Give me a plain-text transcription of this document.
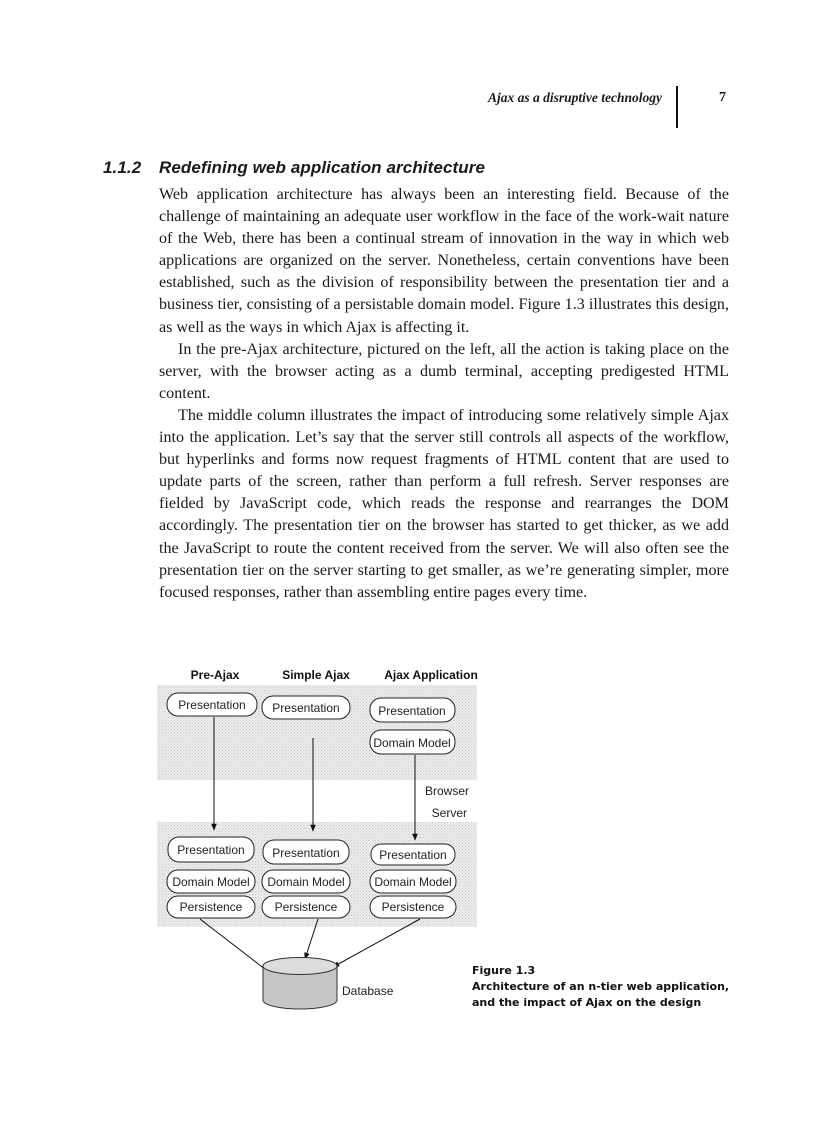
Ajax as a disruptive technology	7
1.1.2 Redefining web application architecture

Web application architecture has always been an interesting field. Because of the challenge of maintaining an adequate user workflow in the face of the work-wait nature of the Web, there has been a continual stream of innovation in the way in which web applications are organized on the server. Nonetheless, certain conventions have been established, such as the division of responsibility between the presentation tier and a business tier, consisting of a persistable domain model. Figure 1.3 illustrates this design, as well as the ways in which Ajax is affecting it.

In the pre-Ajax architecture, pictured on the left, all the action is taking place on the server, with the browser acting as a dumb terminal, accepting predigested HTML content.

The middle column illustrates the impact of introducing some relatively simple Ajax into the application. Let’s say that the server still controls all aspects of the workflow, but hyperlinks and forms now request fragments of HTML content that are used to update parts of the screen, rather than perform a full refresh. Server responses are fielded by JavaScript code, which reads the response and rearranges the DOM accordingly. The presentation tier on the browser has started to get thicker, as we add the JavaScript to route the content received from the server. We will also often see the presentation tier on the server starting to get smaller, as we’re generating simpler, more focused responses, rather than assembling entire pages every time.

Pre-Ajax	Simple Ajax	Ajax Application
Presentation Presentation	Presentation
Domain Model
Browser
Server
Presentation
Domain Model
Persistence
Presentation
Domain Model
Persistence
Presentation
Domain Model
Persistence
Database
Figure 1.3
Architecture of an n-tier web application,
and the impact of Ajax on the design
